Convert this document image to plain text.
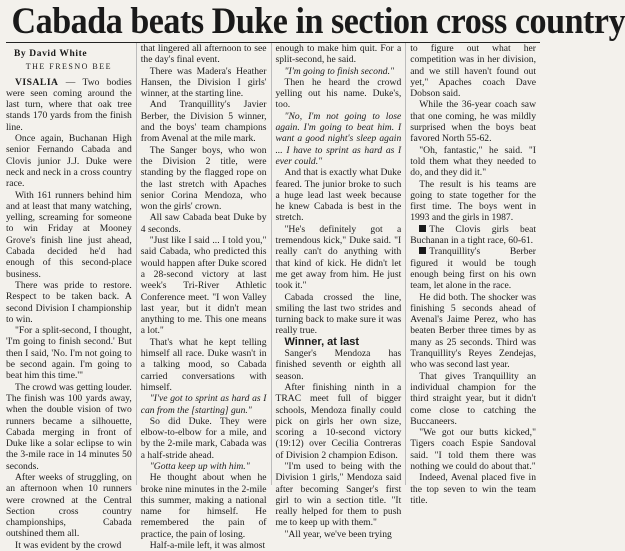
Cabada beats Duke in section cross country
By David White
THE FRESNO BEE

VISALIA — Two bodies were seen coming around the last turn, where that oak tree stands 170 yards from the finish line.

Once again, Buchanan High senior Fernando Cabada and Clovis junior J.J. Duke were neck and neck in a cross country race.

With 161 runners behind him and at least that many watching, yelling, screaming for someone to win Friday at Mooney Grove's finish line just ahead, Cabada decided he'd had enough of this second-place business.

There was pride to restore. Respect to be taken back. A second Division I championship to win.

"For a split-second, I thought, 'I'm going to finish second.' But then I said, 'No. I'm not going to be second again. I'm going to beat him this time.'"

The crowd was getting louder. The finish was 100 yards away, when the double vision of two runners became a silhouette, Cabada merging in front of Duke like a solar eclipse to win the 3-mile race in 14 minutes 50 seconds.

After weeks of struggling, on an afternoon when 10 runners were crowned at the Central Section cross country championships, Cabada outshined them all.

It was evident by the crowd

that lingered all afternoon to see the day's final event.

There was Madera's Heather Hansen, the Division I girls' winner, at the starting line.

And Tranquillity's Javier Berber, the Division 5 winner, and the boys' team champions from Avenal at the mile mark.

The Sanger boys, who won the Division 2 title, were standing by the flagged rope on the last stretch with Apaches senior Corina Mendoza, who won the girls' crown.

All saw Cabada beat Duke by 4 seconds.

"Just like I said ... I told you," said Cabada, who predicted this would happen after Duke scored a 28-second victory at last week's Tri-River Athletic Conference meet. "I won Valley last year, but it didn't mean anything to me. This one means a lot."

That's what he kept telling himself all race. Duke wasn't in a talking mood, so Cabada carried conversations with himself.

"I've got to sprint as hard as I can from the [starting] gun."

So did Duke. They were elbow-to-elbow for a mile, and by the 2-mile mark, Cabada was a half-stride ahead.

"Gotta keep up with him."

He thought about when he broke nine minutes in the 2-mile this summer, making a national name for himself. He remembered the pain of practice, the pain of losing.

Half-a-mile left, it was almost

enough to make him quit. For a split-second, he said.

"I'm going to finish second."

Then he heard the crowd yelling out his name. Duke's, too.

"No, I'm not going to lose again. I'm going to beat him. I want a good night's sleep again ... I have to sprint as hard as I ever could."

And that is exactly what Duke feared. The junior broke to such a huge lead last week because he knew Cabada is best in the stretch.

"He's definitely got a tremendous kick," Duke said. "I really can't do anything with that kind of kick. He didn't let me get away from him. He just took it."

Cabada crossed the line, smiling the last two strides and turning back to make sure it was really true.

Winner, at last

Sanger's Mendoza has finished seventh or eighth all season.

After finishing ninth in a TRAC meet full of bigger schools, Mendoza finally could pick on girls her own size, scoring a 10-second victory (19:12) over Cecilia Contreras of Division 2 champion Edison.

"I'm used to being with the Division 1 girls," Mendoza said after becoming Sanger's first girl to win a section title. "It really helped for them to push me to keep up with them."

"All year, we've been trying

to figure out what her competition was in her division, and we still haven't found out yet," Apaches coach Dave Dobson said.

While the 36-year coach saw that one coming, he was mildly surprised when the boys beat favored North 55-62.

"Oh, fantastic," he said. "I told them what they needed to do, and they did it."

The result is his teams are going to state together for the first time. The boys went in 1993 and the girls in 1987.

The Clovis girls beat Buchanan in a tight race, 60-61.

Tranquillity's Berber figured it would be tough enough being first on his own team, let alone in the race.

He did both. The shocker was finishing 5 seconds ahead of Avenal's Jaime Perez, who has beaten Berber three times by as many as 25 seconds. Third was Tranquillity's Reyes Zendejas, who was second last year.

That gives Tranquillity an individual champion for the third straight year, but it didn't come close to catching the Buccaneers.

"We got our butts kicked," Tigers coach Espie Sandoval said. "I told them there was nothing we could do about that."

Indeed, Avenal placed five in the top seven to win the team title.
